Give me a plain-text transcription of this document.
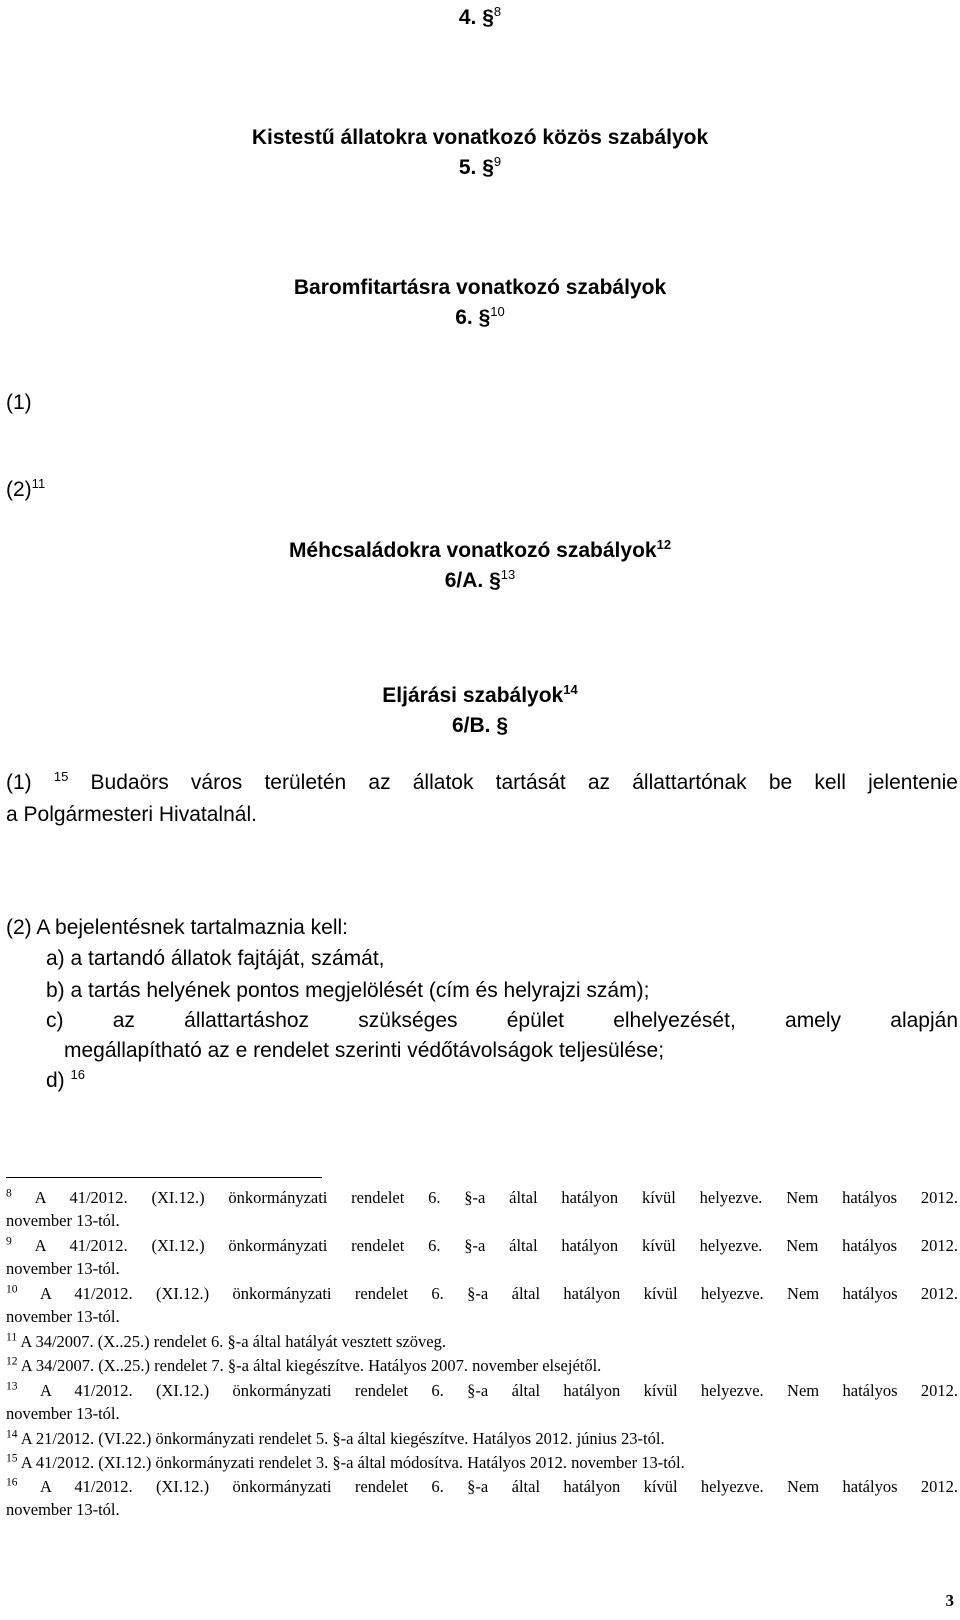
4. §$^8$
Kistestű állatokra vonatkozó közös szabályok
5. §$^9$
Baromfitartásra vonatkozó szabályok
6. §$^{10}$
(1)
$(2)^{11}$
Méhcsaládokra vonatkozó szabályok$^{12}$
6/A. §$^{13}$
Eljárási szabályok$^{14}$
6/B. §
(1) $^{15}$ Budaörs város területén az állatok tartását az állattartónak be kell jelentenie
a Polgármesteri Hivatalnál.
(2) A bejelentésnek tartalmaznia kell:
a) a tartandó állatok fajtáját, számát,
b) a tartás helyének pontos megjelölését (cím és helyrajzi szám);
c) az állattartáshoz szükséges épület elhelyezését, amely alapján
megállapítható az e rendelet szerinti védőtávolságok teljesülése;
d) $^{16}$
$^8$ A 41/2012. (XI.12.) önkormányzati rendelet 6. §-a által hatályon kívül helyezve. Nem hatályos 2012.
november 13-tól.
$^9$ A 41/2012. (XI.12.) önkormányzati rendelet 6. §-a által hatályon kívül helyezve. Nem hatályos 2012.
november 13-tól.
$^{10}$ A 41/2012. (XI.12.) önkormányzati rendelet 6. §-a által hatályon kívül helyezve. Nem hatályos 2012.
november 13-tól.
$^{11}$ A 34/2007. (X..25.) rendelet 6. §-a által hatályát vesztett szöveg.
$^{12}$ A 34/2007. (X..25.) rendelet 7. §-a által kiegészítve. Hatályos 2007. november elsejétől.
$^{13}$ A 41/2012. (XI.12.) önkormányzati rendelet 6. §-a által hatályon kívül helyezve. Nem hatályos 2012.
november 13-tól.
$^{14}$ A 21/2012. (VI.22.) önkormányzati rendelet 5. §-a által kiegészítve. Hatályos 2012. június 23-tól.
$^{15}$ A 41/2012. (XI.12.) önkormányzati rendelet 3. §-a által módosítva. Hatályos 2012. november 13-tól.
$^{16}$ A 41/2012. (XI.12.) önkormányzati rendelet 6. §-a által hatályon kívül helyezve. Nem hatályos 2012.
november 13-tól.
3
